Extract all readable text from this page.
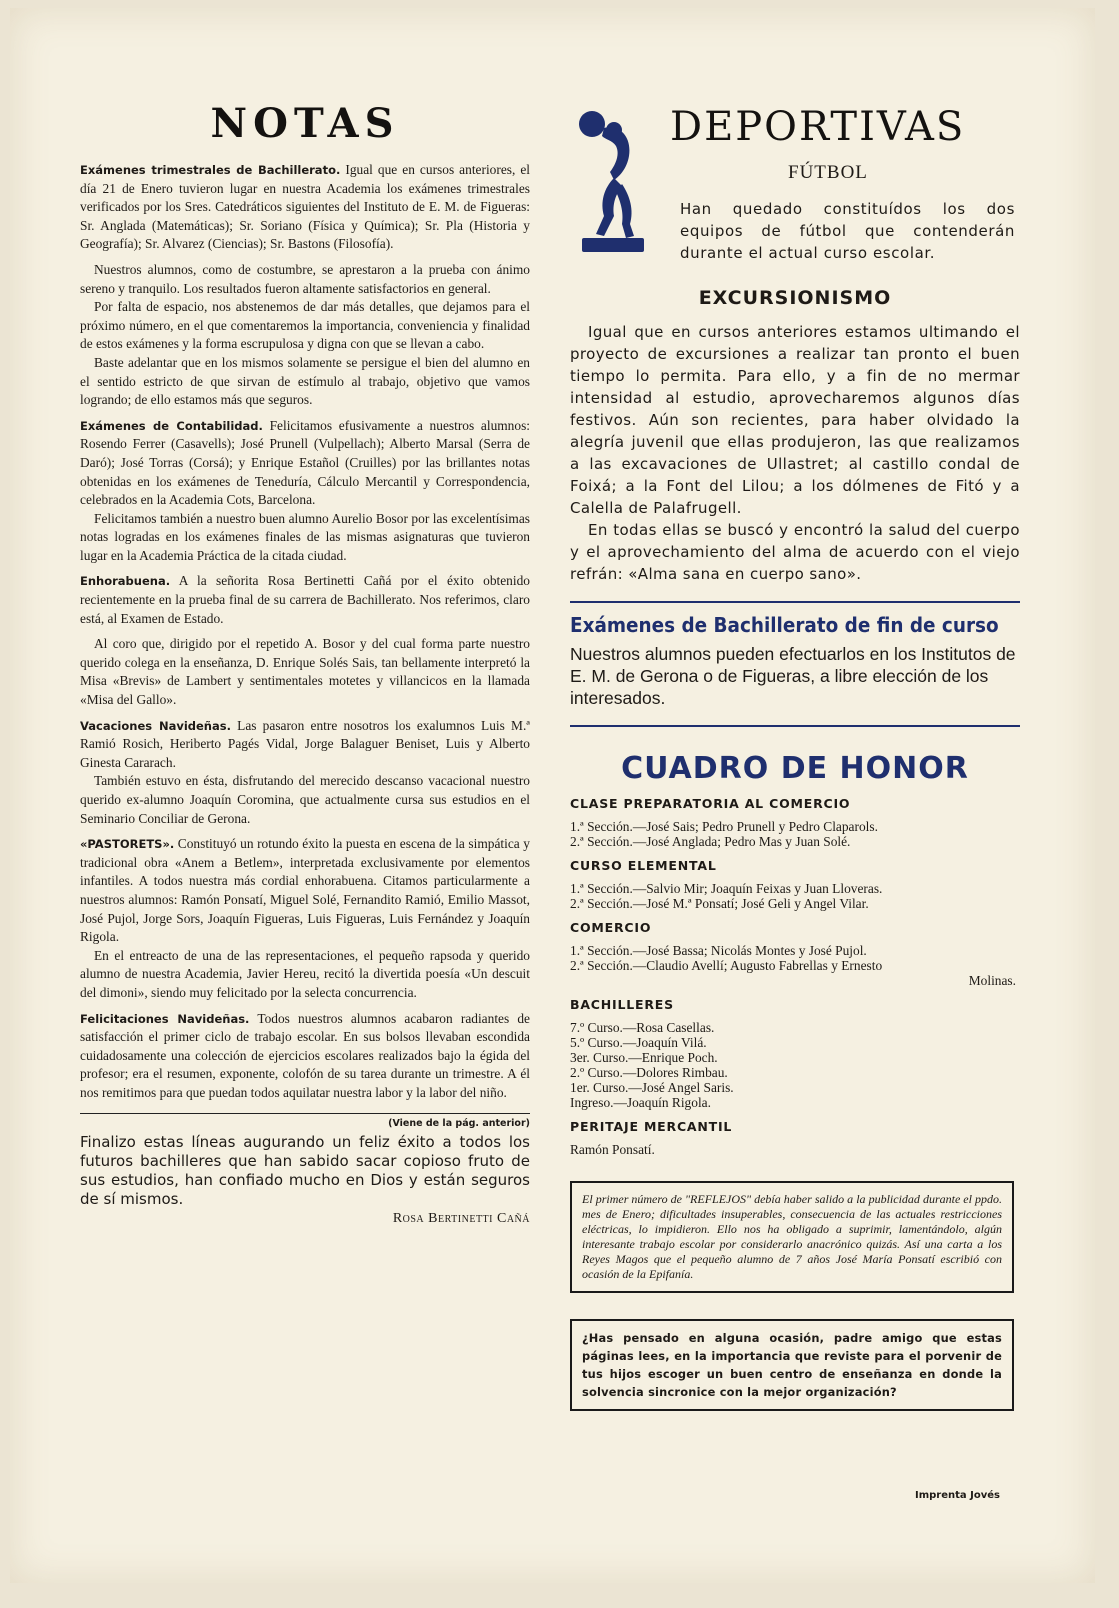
NOTAS

Exámenes trimestrales de Bachillerato. Igual que en cursos anteriores, el día 21 de Enero tuvieron lugar en nuestra Academia los exámenes trimestrales verificados por los Sres. Catedráticos siguientes del Instituto de E. M. de Figueras: Sr. Anglada (Matemáticas); Sr. Soriano (Física y Química); Sr. Pla (Historia y Geografía); Sr. Alvarez (Ciencias); Sr. Bastons (Filosofía).

Nuestros alumnos, como de costumbre, se aprestaron a la prueba con ánimo sereno y tranquilo. Los resultados fueron altamente satisfactorios en general.

Por falta de espacio, nos abstenemos de dar más detalles, que dejamos para el próximo número, en el que comentaremos la importancia, conveniencia y finalidad de estos exámenes y la forma escrupulosa y digna con que se llevan a cabo.

Baste adelantar que en los mismos solamente se persigue el bien del alumno en el sentido estricto de que sirvan de estímulo al trabajo, objetivo que vamos logrando; de ello estamos más que seguros.

Exámenes de Contabilidad. Felicitamos efusivamente a nuestros alumnos: Rosendo Ferrer (Casavells); José Prunell (Vulpellach); Alberto Marsal (Serra de Daró); José Torras (Corsá); y Enrique Estañol (Cruilles) por las brillantes notas obtenidas en los exámenes de Teneduría, Cálculo Mercantil y Correspondencia, celebrados en la Academia Cots, Barcelona.

Felicitamos también a nuestro buen alumno Aurelio Bosor por las excelentísimas notas logradas en los exámenes finales de las mismas asignaturas que tuvieron lugar en la Academia Práctica de la citada ciudad.

Enhorabuena. A la señorita Rosa Bertinetti Cañá por el éxito obtenido recientemente en la prueba final de su carrera de Bachillerato. Nos referimos, claro está, al Examen de Estado.

Al coro que, dirigido por el repetido A. Bosor y del cual forma parte nuestro querido colega en la enseñanza, D. Enrique Solés Sais, tan bellamente interpretó la Misa «Brevis» de Lambert y sentimentales motetes y villancicos en la llamada «Misa del Gallo».

Vacaciones Navideñas. Las pasaron entre nosotros los exalumnos Luis M.ª Ramió Rosich, Heriberto Pagés Vidal, Jorge Balaguer Beniset, Luis y Alberto Ginesta Cararach.

También estuvo en ésta, disfrutando del merecido descanso vacacional nuestro querido ex-alumno Joaquín Coromina, que actualmente cursa sus estudios en el Seminario Conciliar de Gerona.

«PASTORETS». Constituyó un rotundo éxito la puesta en escena de la simpática y tradicional obra «Anem a Betlem», interpretada exclusivamente por elementos infantiles. A todos nuestra más cordial enhorabuena. Citamos particularmente a nuestros alumnos: Ramón Ponsatí, Miguel Solé, Fernandito Ramió, Emilio Massot, José Pujol, Jorge Sors, Joaquín Figueras, Luis Figueras, Luis Fernández y Joaquín Rigola.

En el entreacto de una de las representaciones, el pequeño rapsoda y querido alumno de nuestra Academia, Javier Hereu, recitó la divertida poesía «Un descuit del dimoni», siendo muy felicitado por la selecta concurrencia.

Felicitaciones Navideñas. Todos nuestros alumnos acabaron radiantes de satisfacción el primer ciclo de trabajo escolar. En sus bolsos llevaban escondida cuidadosamente una colección de ejercicios escolares realizados bajo la égida del profesor; era el resumen, exponente, colofón de su tarea durante un trimestre. A él nos remitimos para que puedan todos aquilatar nuestra labor y la labor del niño.

(Viene de la pág. anterior)
Finalizo estas líneas augurando un feliz éxito a todos los futuros bachilleres que han sabido sacar copioso fruto de sus estudios, han confiado mucho en Dios y están seguros de sí mismos.
Rosa Bertinetti Cañá
DEPORTIVAS
FÚTBOL
Han quedado constituídos los dos equipos de fútbol que contenderán durante el actual curso escolar.
EXCURSIONISMO

Igual que en cursos anteriores estamos ultimando el proyecto de excursiones a realizar tan pronto el buen tiempo lo permita. Para ello, y a fin de no mermar intensidad al estudio, aprovecharemos algunos días festivos. Aún son recientes, para haber olvidado la alegría juvenil que ellas produjeron, las que realizamos a las excavaciones de Ullastret; al castillo condal de Foixá; a la Font del Lilou; a los dólmenes de Fitó y a Calella de Palafrugell.

En todas ellas se buscó y encontró la salud del cuerpo y el aprovechamiento del alma de acuerdo con el viejo refrán: «Alma sana en cuerpo sano».

Exámenes de Bachillerato de fin de curso
Nuestros alumnos pueden efectuarlos en los Institutos de E. M. de Gerona o de Figueras, a libre elección de los interesados.
CUADRO DE HONOR
CLASE PREPARATORIA AL COMERCIO
1.ª Sección.—José Sais; Pedro Prunell y Pedro Claparols.
2.ª Sección.—José Anglada; Pedro Mas y Juan Solé.
CURSO ELEMENTAL
1.ª Sección.—Salvio Mir; Joaquín Feixas y Juan Lloveras.
2.ª Sección.—José M.ª Ponsatí; José Geli y Angel Vilar.
COMERCIO
1.ª Sección.—José Bassa; Nicolás Montes y José Pujol.
2.ª Sección.—Claudio Avellí; Augusto Fabrellas y Ernesto
Molinas.
BACHILLERES
7.º Curso.—Rosa Casellas.
5.º Curso.—Joaquín Vilá.
3er. Curso.—Enrique Poch.
2.º Curso.—Dolores Rimbau.
1er. Curso.—José Angel Saris.
Ingreso.—Joaquín Rigola.
PERITAJE MERCANTIL
Ramón Ponsatí.

El primer número de "REFLEJOS" debía haber salido a la publicidad durante el ppdo. mes de Enero; dificultades insuperables, consecuencia de las actuales restricciones eléctricas, lo impidieron. Ello nos ha obligado a suprimir, lamentándolo, algún interesante trabajo escolar por considerarlo anacrónico quizás. Así una carta a los Reyes Magos que el pequeño alumno de 7 años José María Ponsatí escribió con ocasión de la Epifanía.

¿Has pensado en alguna ocasión, padre amigo que estas páginas lees, en la importancia que reviste para el porvenir de tus hijos escoger un buen centro de enseñanza en donde la solvencia sincronice con la mejor organización?

Imprenta Jovés
